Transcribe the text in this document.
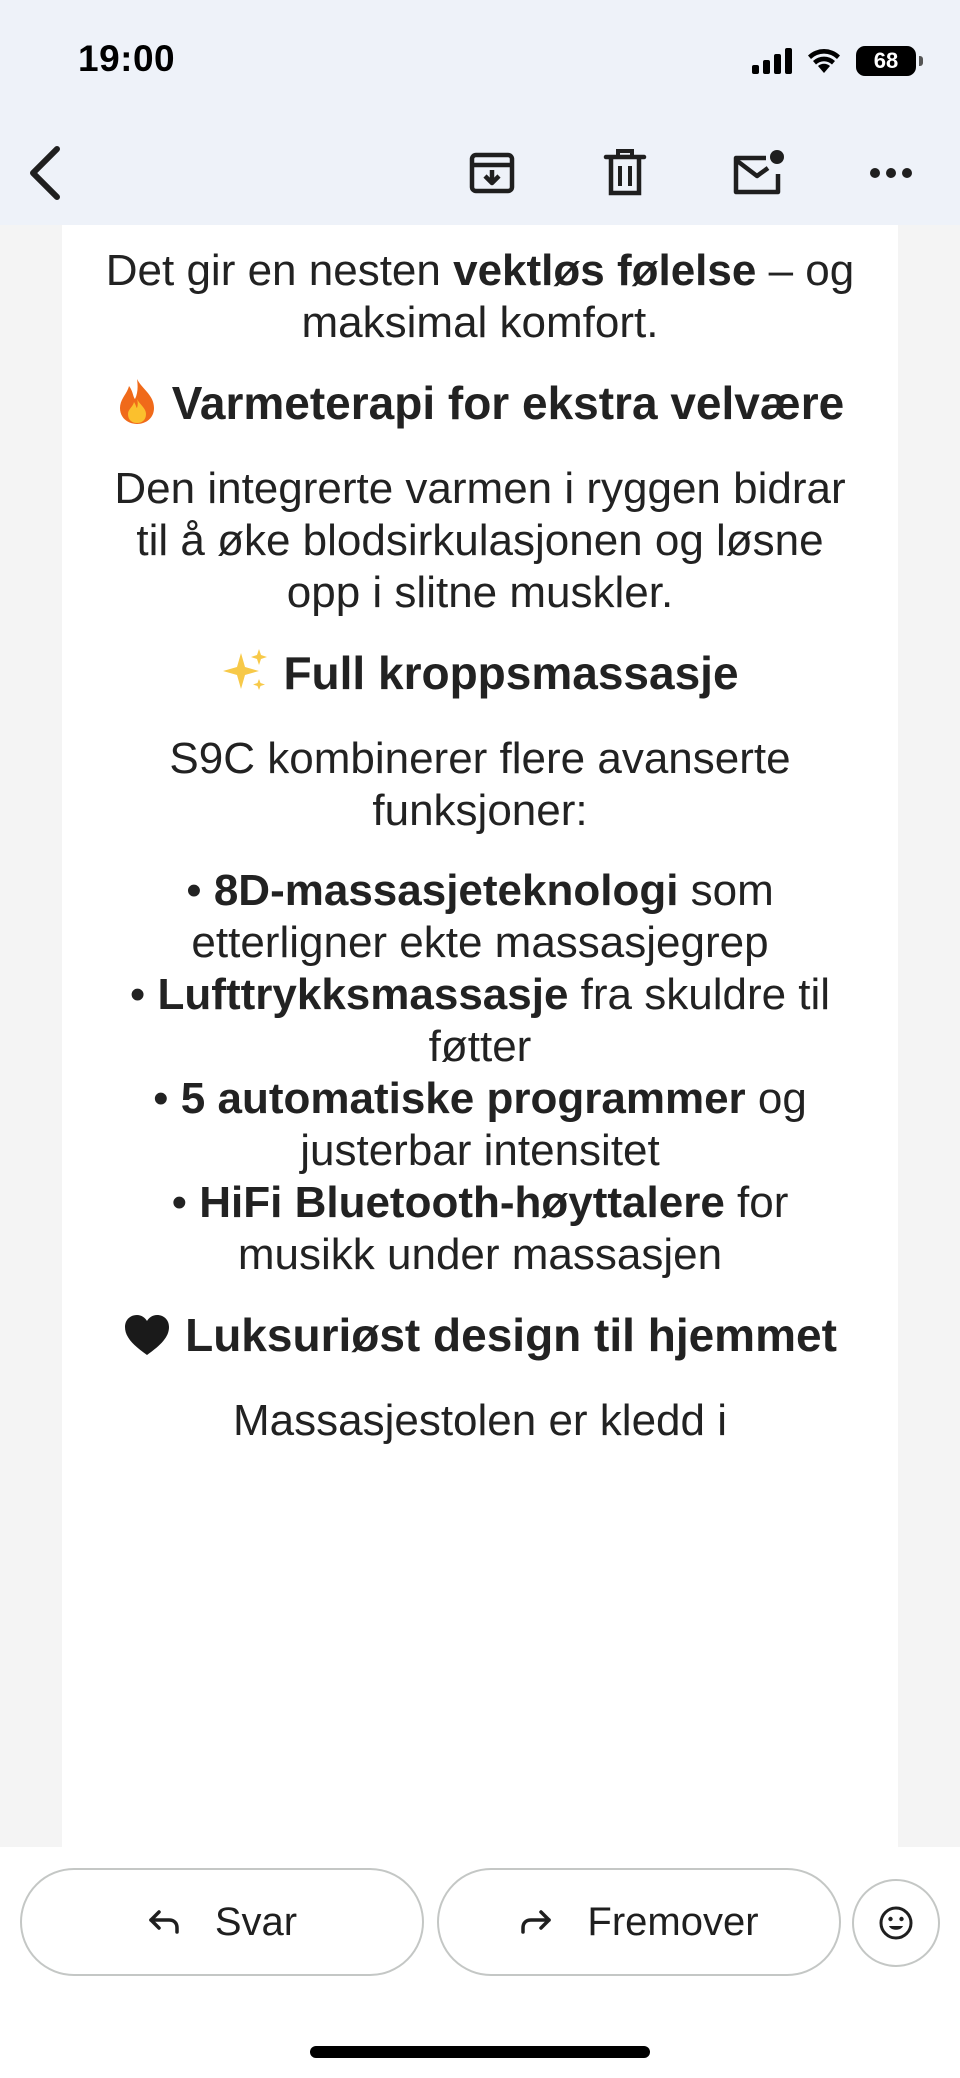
19:00	68

Det gir en nesten vektløs følelse – og maksimal komfort.

Varmeterapi for ekstra velvære

Den integrerte varmen i ryggen bidrar til å øke blodsirkulasjonen og løsne opp i slitne muskler.

Full kroppsmassasje

S9C kombinerer flere avanserte funksjoner:

• 8D-massasjeteknologi som etterligner ekte massasjegrep

• Lufttrykksmassasje fra skuldre til føtter

• 5 automatiske programmer og justerbar intensitet

• HiFi Bluetooth-høyttalere for musikk under massasjen

Luksuriøst design til hjemmet

Massasjestolen er kledd i

Svar	Fremover
